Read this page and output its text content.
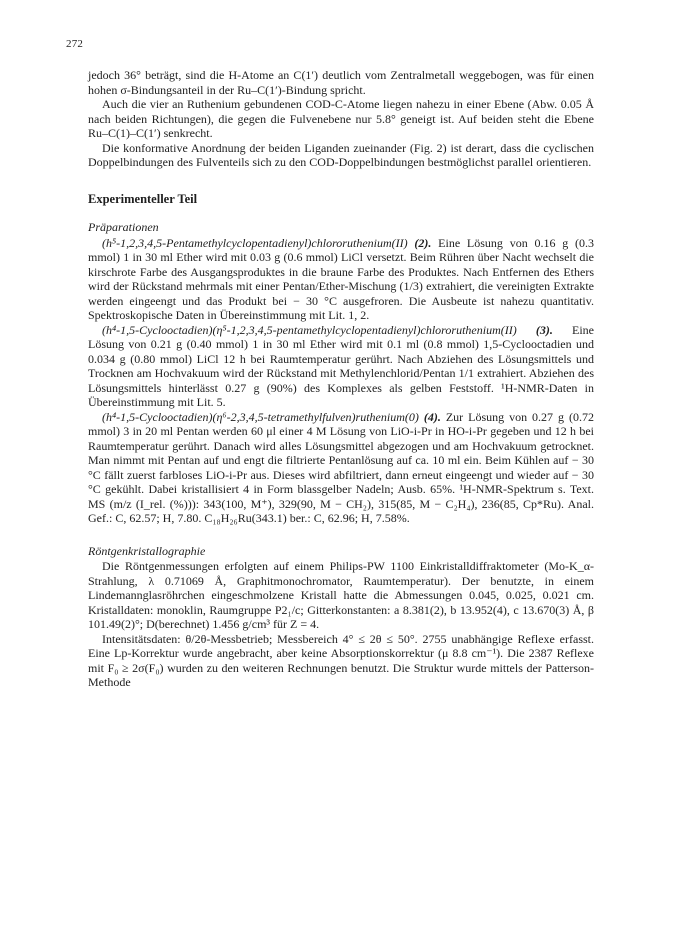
272

jedoch 36° beträgt, sind die H-Atome an C(1′) deutlich vom Zentralmetall weggebogen, was für einen hohen σ-Bindungsanteil in der Ru–C(1′)-Bindung spricht.

Auch die vier an Ruthenium gebundenen COD-C-Atome liegen nahezu in einer Ebene (Abw. 0.05 Å nach beiden Richtungen), die gegen die Fulvenebene nur 5.8° geneigt ist. Auf beiden steht die Ebene Ru–C(1)–C(1′) senkrecht.

Die konformative Anordnung der beiden Liganden zueinander (Fig. 2) ist derart, dass die cyclischen Doppelbindungen des Fulventeils sich zu den COD-Doppelbindungen bestmöglichst parallel orientieren.

Experimenteller Teil
Präparationen

(h⁵-1,2,3,4,5-Pentamethylcyclopentadienyl)chlororuthenium(II) (2). Eine Lösung von 0.16 g (0.3 mmol) 1 in 30 ml Ether wird mit 0.03 g (0.6 mmol) LiCl versetzt. Beim Rühren über Nacht wechselt die kirschrote Farbe des Ausgangsproduktes in die braune Farbe des Produktes. Nach Entfernen des Ethers wird der Rückstand mehrmals mit einer Pentan/Ether-Mischung (1/3) extrahiert, die vereinigten Extrakte werden eingeengt und das Produkt bei − 30 °C ausgefroren. Die Ausbeute ist nahezu quantitativ. Spektroskopische Daten in Übereinstimmung mit Lit. 1, 2.

(h⁴-1,5-Cyclooctadien)(η⁵-1,2,3,4,5-pentamethylcyclopentadienyl)chlororuthenium(II) (3). Eine Lösung von 0.21 g (0.40 mmol) 1 in 30 ml Ether wird mit 0.1 ml (0.8 mmol) 1,5-Cyclooctadien und 0.034 g (0.80 mmol) LiCl 12 h bei Raumtemperatur gerührt. Nach Abziehen des Lösungsmittels und Trocknen am Hochvakuum wird der Rückstand mit Methylenchlorid/Pentan 1/1 extrahiert. Abziehen des Lösungsmittels hinterlässt 0.27 g (90%) des Komplexes als gelben Feststoff. ¹H-NMR-Daten in Übereinstimmung mit Lit. 5.

(h⁴-1,5-Cyclooctadien)(η⁶-2,3,4,5-tetramethylfulven)ruthenium(0) (4). Zur Lösung von 0.27 g (0.72 mmol) 3 in 20 ml Pentan werden 60 μl einer 4 M Lösung von LiO-i-Pr in HO-i-Pr gegeben und 12 h bei Raumtemperatur gerührt. Danach wird alles Lösungsmittel abgezogen und am Hochvakuum getrocknet. Man nimmt mit Pentan auf und engt die filtrierte Pentanlösung auf ca. 10 ml ein. Beim Kühlen auf − 30 °C fällt zuerst farbloses LiO-i-Pr aus. Dieses wird abfiltriert, dann erneut eingeengt und wieder auf − 30 °C gekühlt. Dabei kristallisiert 4 in Form blassgelber Nadeln; Ausb. 65%. ¹H-NMR-Spektrum s. Text. MS (m/z (I_rel. (%))): 343(100, M⁺), 329(90, M − CH₂), 315(85, M − C₂H₄), 236(85, Cp*Ru). Anal. Gef.: C, 62.57; H, 7.80. C₁₈H₂₆Ru(343.1) ber.: C, 62.96; H, 7.58%.

Röntgenkristallographie

Die Röntgenmessungen erfolgten auf einem Philips-PW 1100 Einkristalldiffraktometer (Mo-K_α-Strahlung, λ 0.71069 Å, Graphitmonochromator, Raumtemperatur). Der benutzte, in einem Lindemannglasröhrchen eingeschmolzene Kristall hatte die Abmessungen 0.045, 0.025, 0.021 cm. Kristalldaten: monoklin, Raumgruppe P2₁/c; Gitterkonstanten: a 8.381(2), b 13.952(4), c 13.670(3) Å, β 101.49(2)°; D(berechnet) 1.456 g/cm³ für Z = 4.

Intensitätsdaten: θ/2θ-Messbetrieb; Messbereich 4° ≤ 2θ ≤ 50°. 2755 unabhängige Reflexe erfasst. Eine Lp-Korrektur wurde angebracht, aber keine Absorptionskorrektur (μ 8.8 cm⁻¹). Die 2387 Reflexe mit F₀ ≥ 2σ(F₀) wurden zu den weiteren Rechnungen benutzt. Die Struktur wurde mittels der Patterson-Methode
